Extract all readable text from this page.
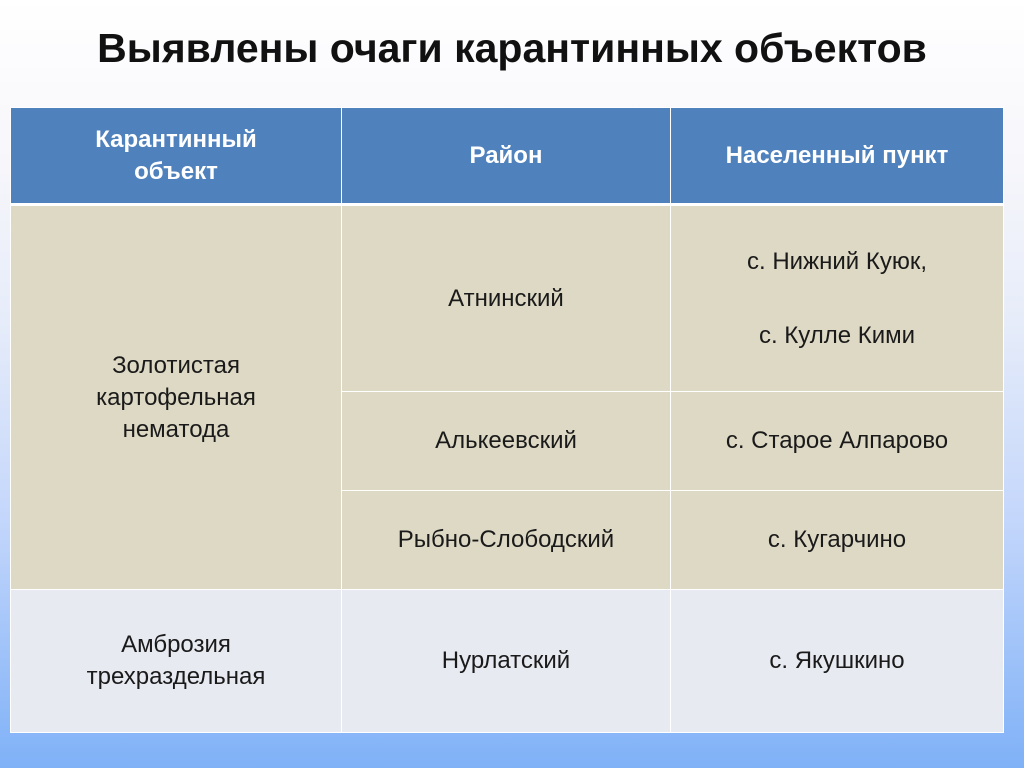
Выявлены очаги карантинных объектов
Карантинный объект	Район	Населенный пункт
Золотистая картофельная нематода	Атнинский	с. Нижний Куюк,
с. Кулле Кими

	Алькеевский	с. Старое Алпарово
	Рыбно-Слободский	с. Кугарчино
Амброзия трехраздельная	Нурлатский	с. Якушкино
